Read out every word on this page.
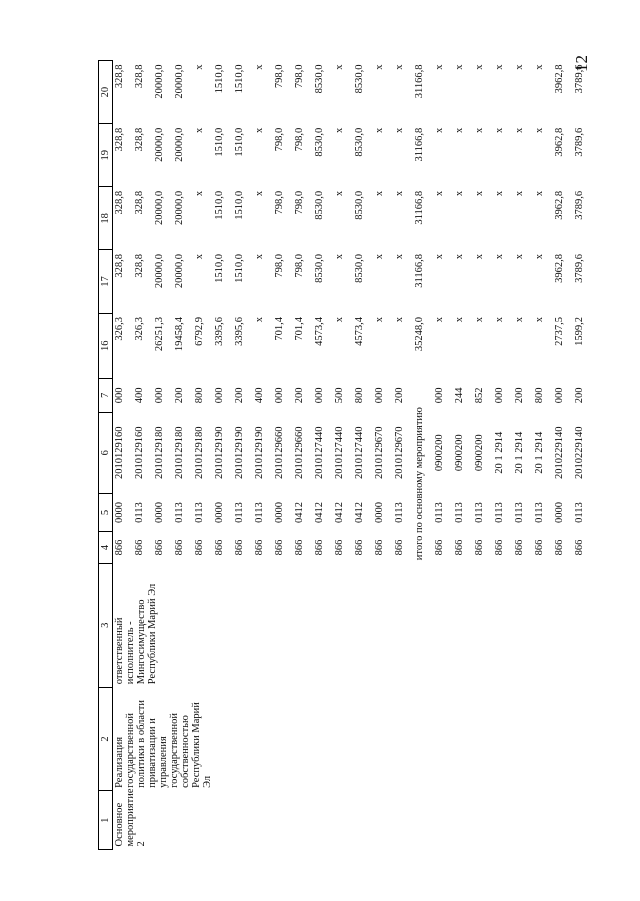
12
1	2	3	4	5	6	7	16	17	18	19	20
Основное мероприятие 2	Реализация государственной политики в области приватизации и управления государственной собственностью Республики Марий Эл	ответственный исполнитель - Мингосимущество Республики Марий Эл	866	0000	2010129160	000	326,3	328,8	328,8	328,8	328,8
			866	0113	2010129160	400	326,3	328,8	328,8	328,8	328,8
			866	0000	2010129180	000	26251,3	20000,0	20000,0	20000,0	20000,0
			866	0113	2010129180	200	19458,4	20000,0	20000,0	20000,0	20000,0
			866	0113	2010129180	800	6792,9	x	x	x	x
			866	0000	2010129190	000	3395,6	1510,0	1510,0	1510,0	1510,0
			866	0113	2010129190	200	3395,6	1510,0	1510,0	1510,0	1510,0
			866	0113	2010129190	400	x	x	x	x	x
			866	0000	2010129660	000	701,4	798,0	798,0	798,0	798,0
			866	0412	2010129660	200	701,4	798,0	798,0	798,0	798,0
			866	0412	2010127440	000	4573,4	8530,0	8530,0	8530,0	8530,0
			866	0412	2010127440	500	x	x	x	x	x
			866	0412	2010127440	800	4573,4	8530,0	8530,0	8530,0	8530,0
			866	0000	2010129670	000	x	x	x	x	x
			866	0113	2010129670	200	x	x	x	x	x
			итого по основному мероприятию				35248,0	31166,8	31166,8	31166,8	31166,8
			866	0113	0900200	000	x	x	x	x	x
			866	0113	0900200	244	x	x	x	x	x
			866	0113	0900200	852	x	x	x	x	x
			866	0113	20 1 2914	000	x	x	x	x	x
			866	0113	20 1 2914	200	x	x	x	x	x
			866	0113	20 1 2914	800	x	x	x	x	x
			866	0000	2010229140	000	2737,5	3962,8	3962,8	3962,8	3962,8
			866	0113	2010229140	200	1599,2	3789,6	3789,6	3789,6	3789,6
